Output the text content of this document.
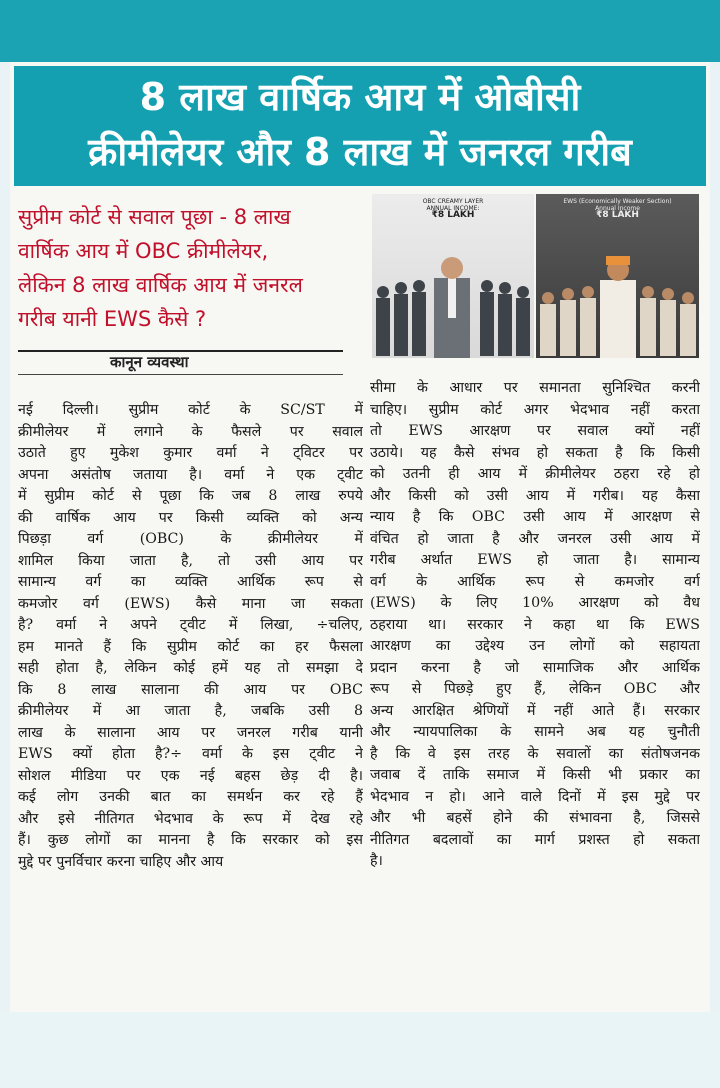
8 लाख वार्षिक आय में ओबीसी
क्रीमीलेयर और 8 लाख में जनरल गरीब
सुप्रीम कोर्ट से सवाल पूछा - 8 लाख
वार्षिक आय में OBC क्रीमीलेयर,
लेकिन 8 लाख वार्षिक आय में जनरल
गरीब यानी EWS कैसे ?
कानून व्यवस्था
OBC CREAMY LAYER
ANNUAL INCOME:
₹8 LAKH
EWS (Economically Weaker Section)
Annual Income
₹8 LAKH
नई दिल्ली। सुप्रीम कोर्ट के SC/ST में
क्रीमीलेयर में लगाने के फैसले पर सवाल
उठाते हुए मुकेश कुमार वर्मा ने ट्विटर पर
अपना असंतोष जताया है। वर्मा ने एक ट्वीट
में सुप्रीम कोर्ट से पूछा कि जब 8 लाख रुपये
की वार्षिक आय पर किसी व्यक्ति को अन्य
पिछड़ा वर्ग (OBC) के क्रीमीलेयर में
शामिल किया जाता है, तो उसी आय पर
सामान्य वर्ग का व्यक्ति आर्थिक रूप से
कमजोर वर्ग (EWS) कैसे माना जा सकता
है? वर्मा ने अपने ट्वीट में लिखा, ÷चलिए,
हम मानते हैं कि सुप्रीम कोर्ट का हर फैसला
सही होता है, लेकिन कोई हमें यह तो समझा दे
कि 8 लाख सालाना की आय पर OBC
क्रीमीलेयर में आ जाता है, जबकि उसी 8
लाख के सालाना आय पर जनरल गरीब यानी
EWS क्यों होता है?÷ वर्मा के इस ट्वीट ने
सोशल मीडिया पर एक नई बहस छेड़ दी है।
कई लोग उनकी बात का समर्थन कर रहे हैं
और इसे नीतिगत भेदभाव के रूप में देख रहे
हैं। कुछ लोगों का मानना है कि सरकार को इस
मुद्दे पर पुनर्विचार करना चाहिए और आय
सीमा के आधार पर समानता सुनिश्चित करनी
चाहिए। सुप्रीम कोर्ट अगर भेदभाव नहीं करता
तो EWS आरक्षण पर सवाल क्यों नहीं
उठाये। यह कैसे संभव हो सकता है कि किसी
को उतनी ही आय में क्रीमीलेयर ठहरा रहे हो
और किसी को उसी आय में गरीब। यह कैसा
न्याय है कि OBC उसी आय में आरक्षण से
वंचित हो जाता है और जनरल उसी आय में
गरीब अर्थात EWS हो जाता है। सामान्य
वर्ग के आर्थिक रूप से कमजोर वर्ग
(EWS) के लिए 10% आरक्षण को वैध
ठहराया था। सरकार ने कहा था कि EWS
आरक्षण का उद्देश्य उन लोगों को सहायता
प्रदान करना है जो सामाजिक और आर्थिक
रूप से पिछड़े हुए हैं, लेकिन OBC और
अन्य आरक्षित श्रेणियों में नहीं आते हैं। सरकार
और न्यायपालिका के सामने अब यह चुनौती
है कि वे इस तरह के सवालों का संतोषजनक
जवाब दें ताकि समाज में किसी भी प्रकार का
भेदभाव न हो। आने वाले दिनों में इस मुद्दे पर
और भी बहसें होने की संभावना है, जिससे
नीतिगत बदलावों का मार्ग प्रशस्त हो सकता
है।
